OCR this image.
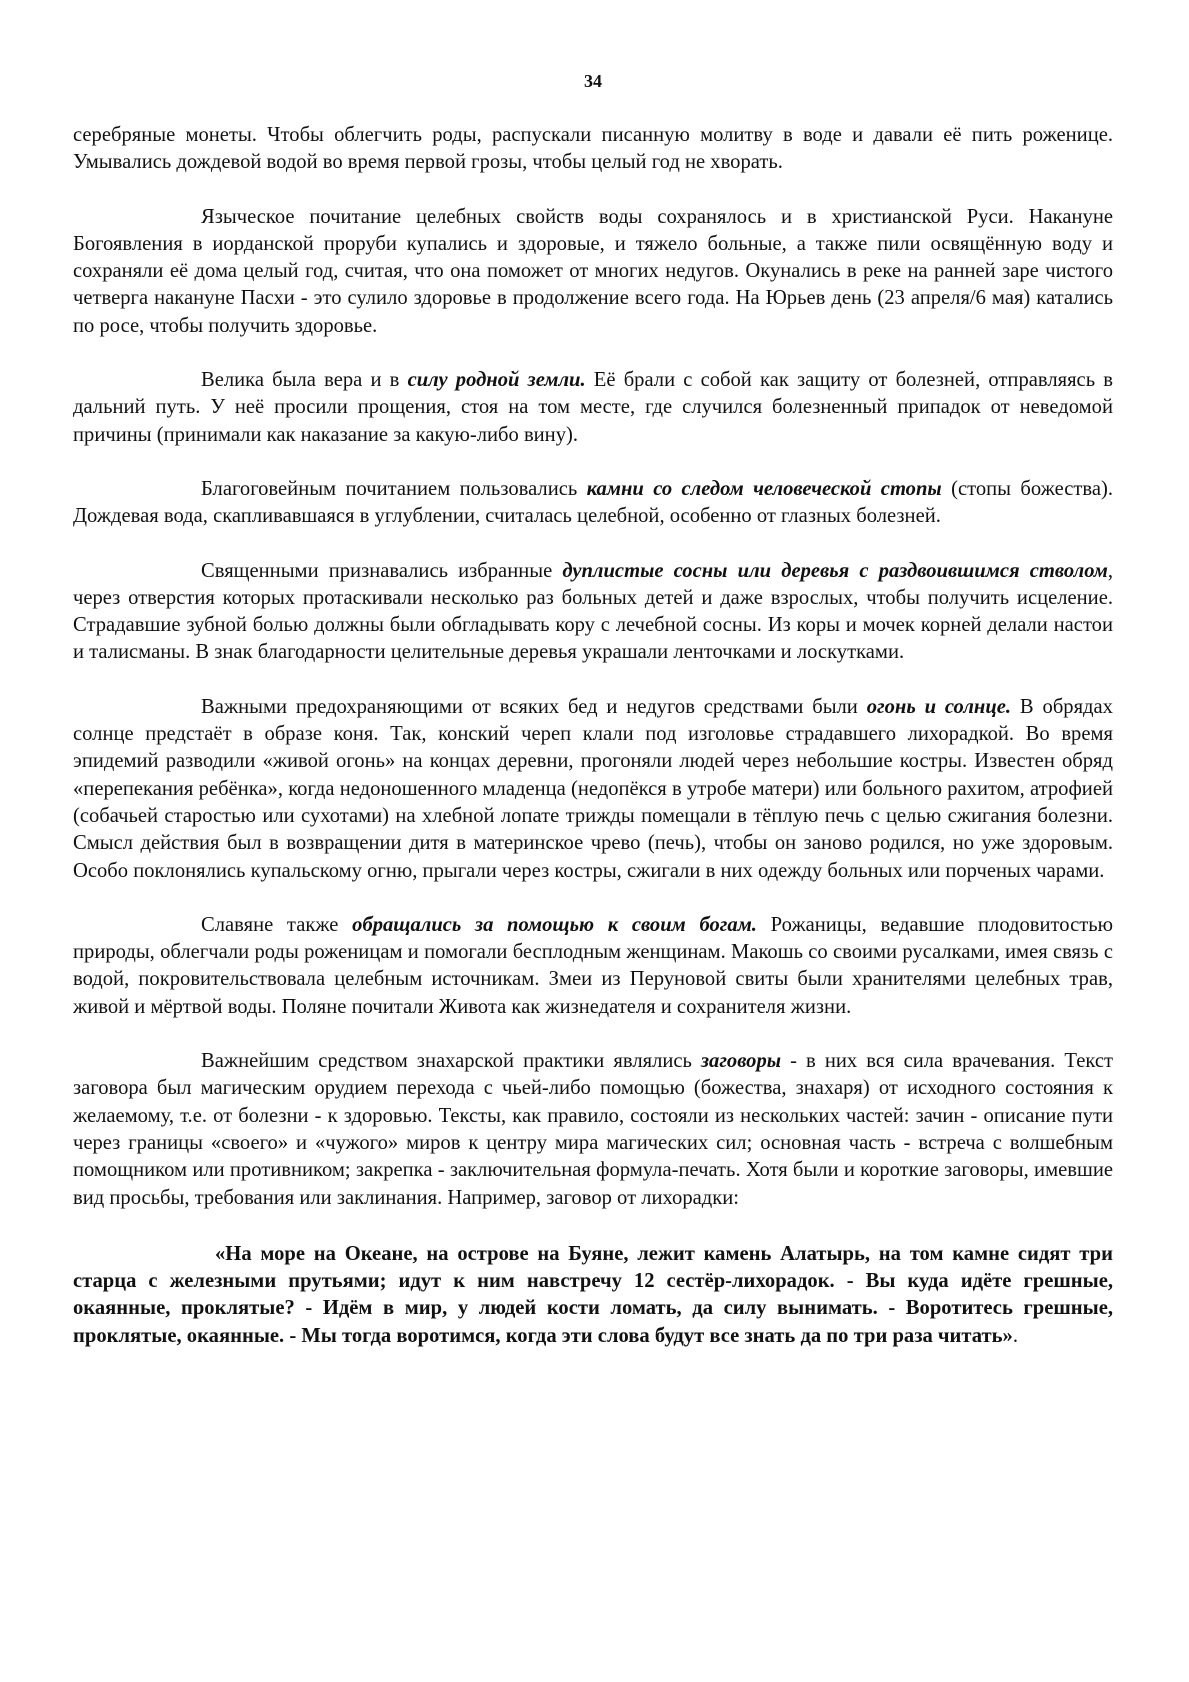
34

серебряные монеты. Чтобы облегчить роды, распускали писанную молитву в воде и давали её пить роженице. Умывались дождевой водой во время первой грозы, чтобы целый год не хворать.

Языческое почитание целебных свойств воды сохранялось и в христианской Руси. Накануне Богоявления в иорданской проруби купались и здоровые, и тяжело больные, а также пили освящённую воду и сохраняли её дома целый год, считая, что она поможет от многих недугов. Окунались в реке на ранней заре чистого четверга накануне Пасхи - это сулило здоровье в продолжение всего года. На Юрьев день (23 апреля/6 мая) катались по росе, чтобы получить здоровье.

Велика была вера и в силу родной земли. Её брали с собой как защиту от болезней, отправляясь в дальний путь. У неё просили прощения, стоя на том месте, где случился болезненный припадок от неведомой причины (принимали как наказание за какую-либо вину).

Благоговейным почитанием пользовались камни со следом человеческой стопы (стопы божества). Дождевая вода, скапливавшаяся в углублении, считалась целебной, особенно от глазных болезней.

Священными признавались избранные дуплистые сосны или деревья с раздвоившимся стволом, через отверстия которых протаскивали несколько раз больных детей и даже взрослых, чтобы получить исцеление. Страдавшие зубной болью должны были обгладывать кору с лечебной сосны. Из коры и мочек корней делали настои и талисманы. В знак благодарности целительные деревья украшали ленточками и лоскутками.

Важными предохраняющими от всяких бед и недугов средствами были огонь и солнце. В обрядах солнце предстаёт в образе коня. Так, конский череп клали под изголовье страдавшего лихорадкой. Во время эпидемий разводили «живой огонь» на концах деревни, прогоняли людей через небольшие костры. Известен обряд «перепекания ребёнка», когда недоношенного младенца (недопёкся в утробе матери) или больного рахитом, атрофией (собачьей старостью или сухотами) на хлебной лопате трижды помещали в тёплую печь с целью сжигания болезни. Смысл действия был в возвращении дитя в материнское чрево (печь), чтобы он заново родился, но уже здоровым. Особо поклонялись купальскому огню, прыгали через костры, сжигали в них одежду больных или порченых чарами.

Славяне также обращались за помощью к своим богам. Рожаницы, ведавшие плодовитостью природы, облегчали роды роженицам и помогали бесплодным женщинам. Макошь со своими русалками, имея связь с водой, покровительствовала целебным источникам. Змеи из Перуновой свиты были хранителями целебных трав, живой и мёртвой воды. Поляне почитали Живота как жизнедателя и сохранителя жизни.

Важнейшим средством знахарской практики являлись заговоры - в них вся сила врачевания. Текст заговора был магическим орудием перехода с чьей-либо помощью (божества, знахаря) от исходного состояния к желаемому, т.е. от болезни - к здоровью. Тексты, как правило, состояли из нескольких частей: зачин - описание пути через границы «своего» и «чужого» миров к центру мира магических сил; основная часть - встреча с волшебным помощником или противником; закрепка - заключительная формула-печать. Хотя были и короткие заговоры, имевшие вид просьбы, требования или заклинания. Например, заговор от лихорадки:

«На море на Океане, на острове на Буяне, лежит камень Алатырь, на том камне сидят три старца с железными прутьями; идут к ним навстречу 12 сестёр-лихорадок. - Вы куда идёте грешные, окаянные, проклятые? - Идём в мир, у людей кости ломать, да силу вынимать. - Воротитесь грешные, проклятые, окаянные. - Мы тогда воротимся, когда эти слова будут все знать да по три раза читать».
